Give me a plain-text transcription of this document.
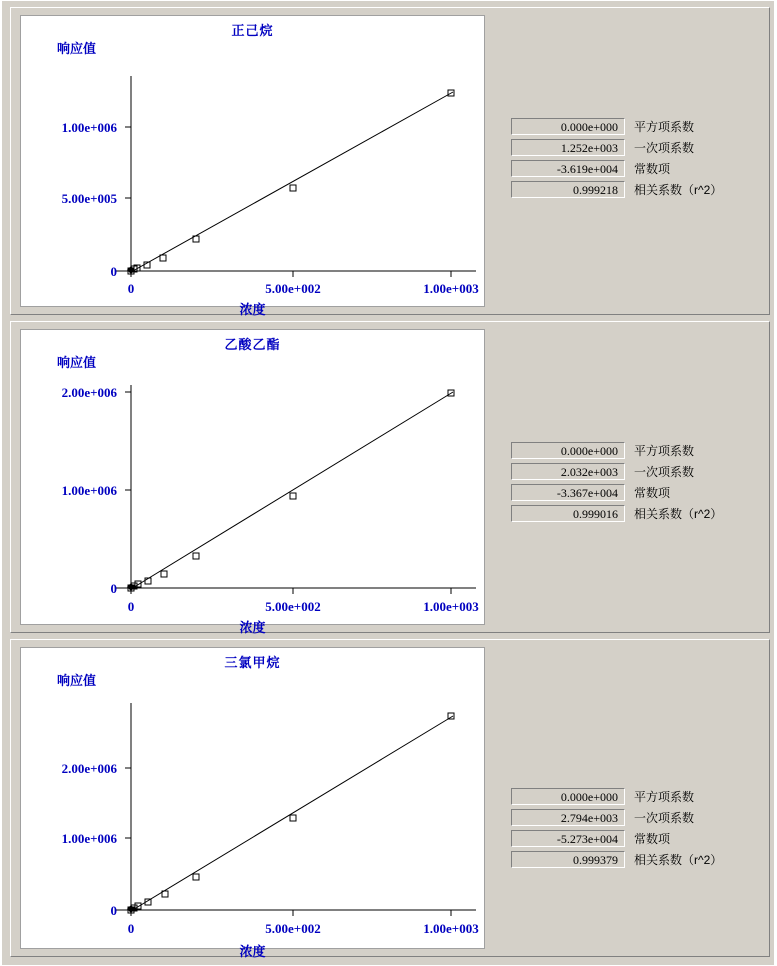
正己烷
响应值
浓度
0
5.00e+005
1.00e+006
0	5.00e+002	1.00e+003
0.000e+000	平方项系数
1.252e+003	一次项系数
-3.619e+004	常数项
0.999218	相关系数（r^2）
乙酸乙酯
响应值
浓度
0
1.00e+006
2.00e+006
0	5.00e+002	1.00e+003
0.000e+000	平方项系数
2.032e+003	一次项系数
-3.367e+004	常数项
0.999016	相关系数（r^2）
三氯甲烷
响应值
浓度
0
1.00e+006
2.00e+006
0	5.00e+002	1.00e+003
0.000e+000	平方项系数
2.794e+003	一次项系数
-5.273e+004	常数项
0.999379	相关系数（r^2）
